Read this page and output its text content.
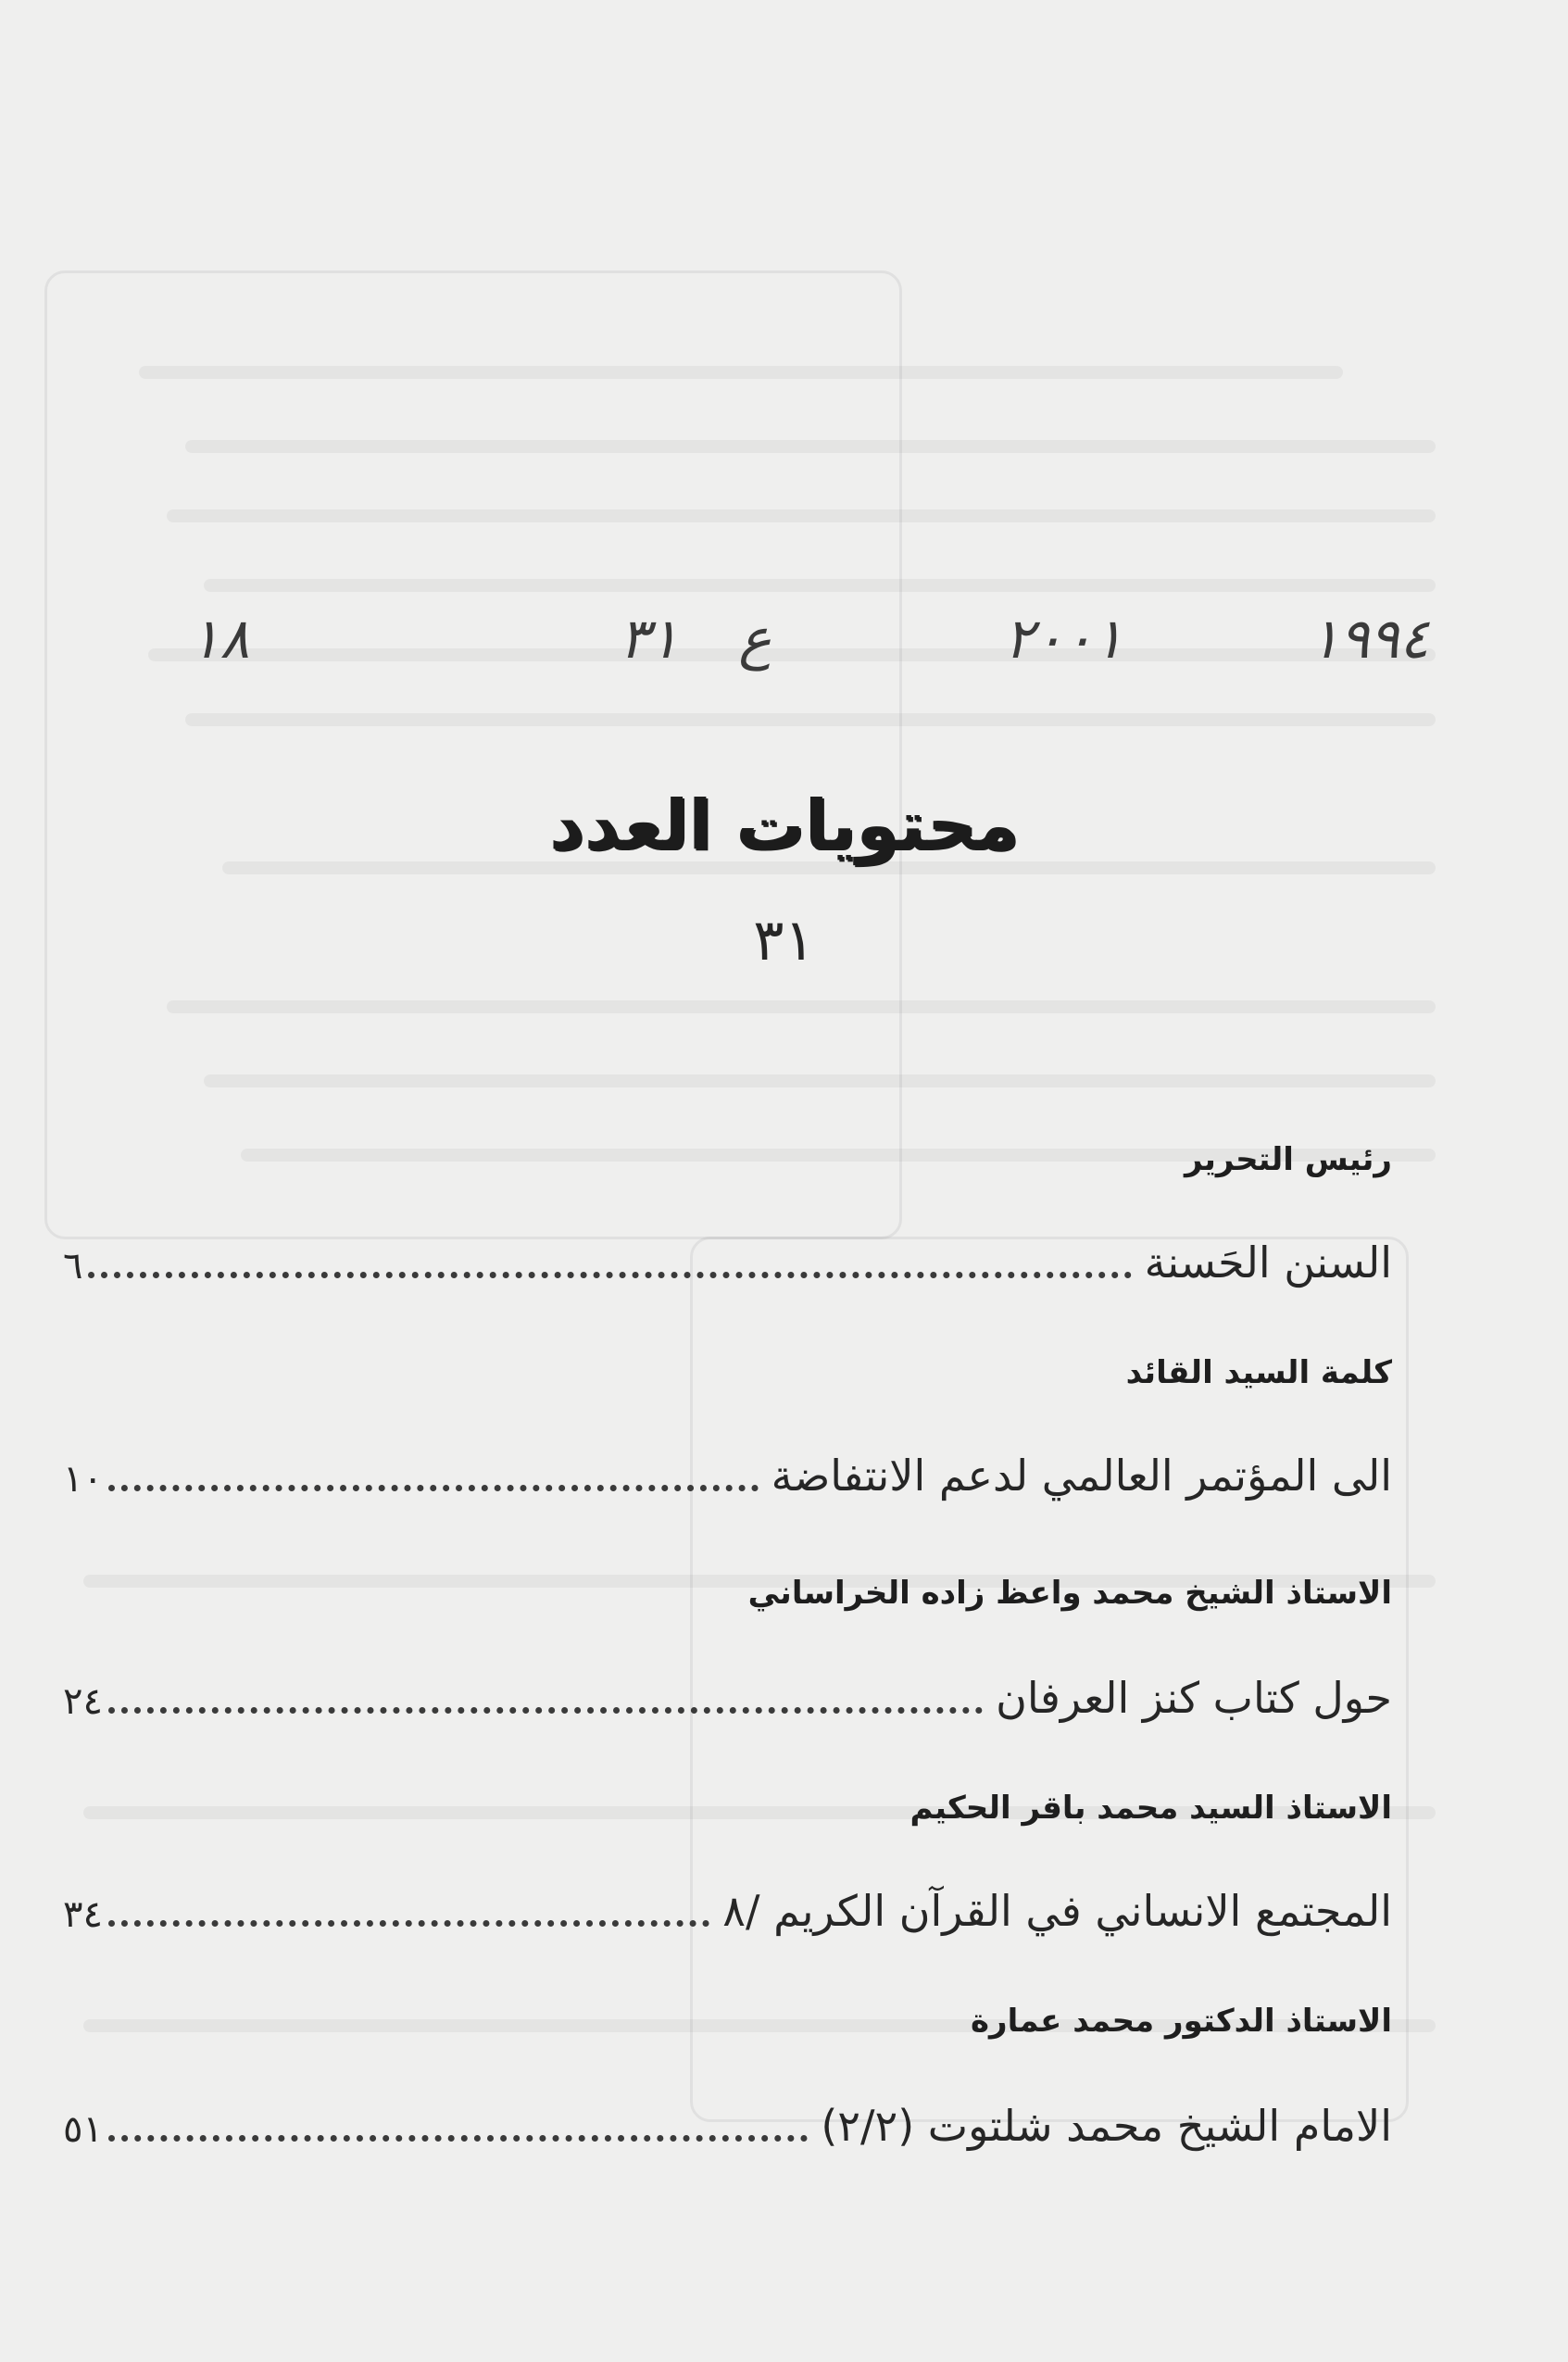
١٩٩٤
٢٠٠١
ع
٣١
١٨
محتويات العدد
٣١
رئيس التحرير
٦	السنن الحَسنة
كلمة السيد القائد
١٠	الى المؤتمر العالمي لدعم الانتفاضة
الاستاذ الشيخ محمد واعظ زاده الخراساني
٢٤	حول كتاب كنز العرفان
الاستاذ السيد محمد باقر الحكيم
٣٤	المجتمع الانساني في القرآن الكريم /٨
الاستاذ الدكتور محمد عمارة
٥١	الامام الشيخ محمد شلتوت (٢/٢)
